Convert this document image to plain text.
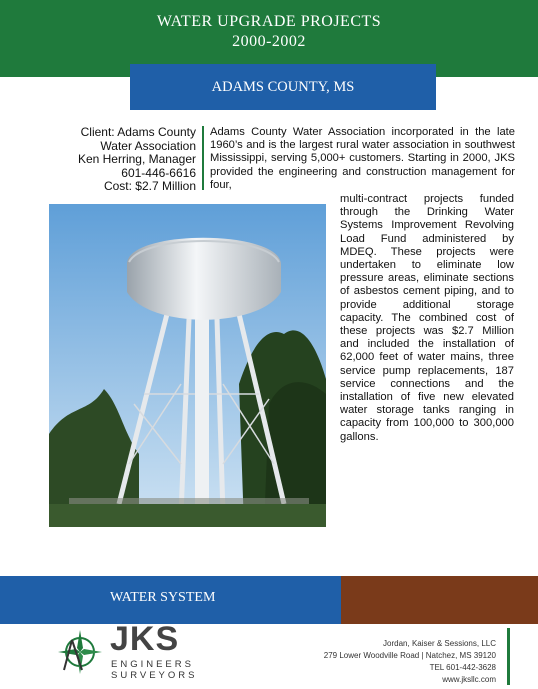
WATER UPGRADE PROJECTS
2000-2002
ADAMS COUNTY, MS
Client: Adams County
Water Association
Ken Herring, Manager
601-446-6616
Cost: $2.7 Million
Adams County Water Association incorporated in the late 1960’s and is the largest rural water association in southwest Mississippi, serving 5,000+ customers. Starting in 2000, JKS provided the engineering and construction management for four,
multi-contract projects funded through the Drinking Water Systems Improvement Revolving Load Fund administered by MDEQ. These projects were undertaken to eliminate low pressure areas, eliminate sections of asbestos cement piping, and to provide additional storage capacity. The combined cost of these projects was $2.7 Million and included the installation of 62,000 feet of water mains, three service pump replacements, 187 service connections and the installation of five new elevated water storage tanks ranging in capacity from 100,000 to 300,000 gallons.
WATER SYSTEM
JKS
ENGINEERS
SURVEYORS
Jordan, Kaiser & Sessions, LLC
279 Lower Woodville Road | Natchez, MS 39120
TEL 601-442-3628
www.jksllc.com
